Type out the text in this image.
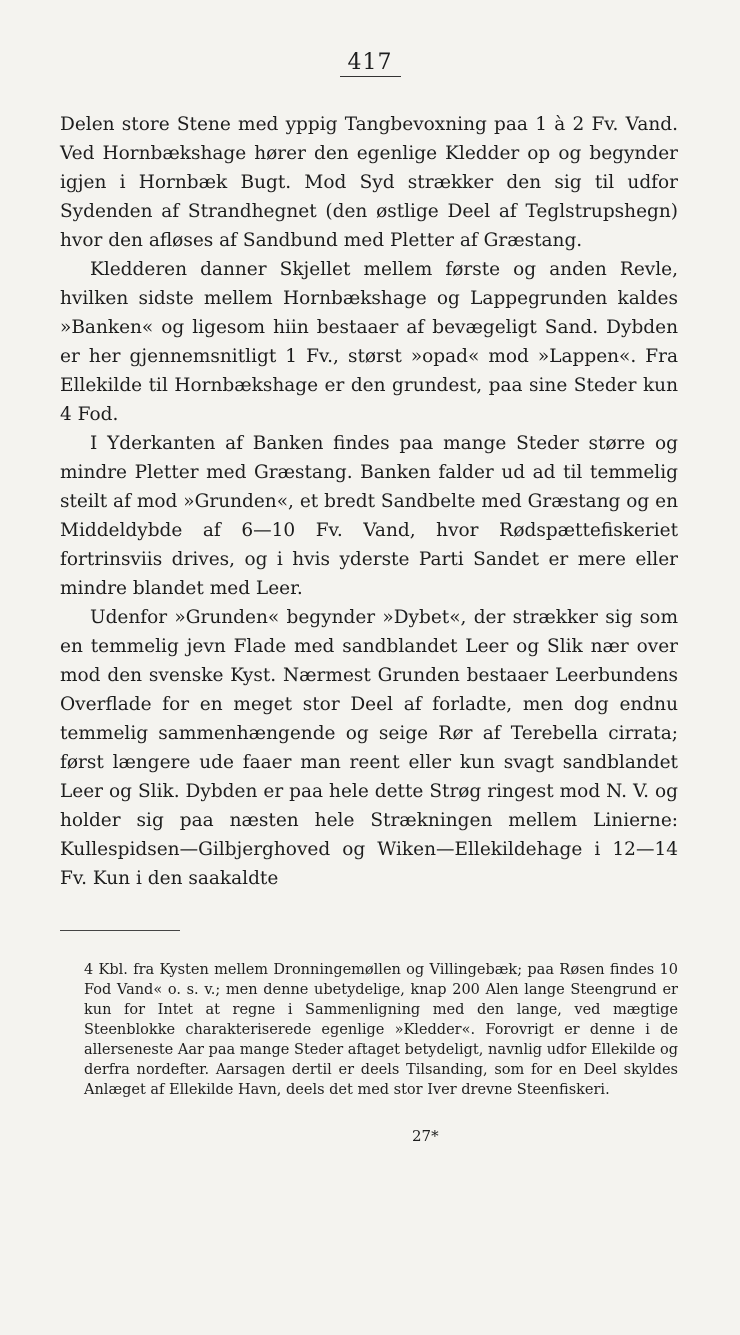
417

Delen store Stene med yppig Tangbevoxning paa 1 à 2 Fv. Vand. Ved Hornbækshage hører den egenlige Kledder op og begynder igjen i Hornbæk Bugt. Mod Syd strækker den sig til udfor Sydenden af Strandhegnet (den østlige Deel af Teglstrupshegn) hvor den afløses af Sandbund med Pletter af Græstang.

Kledderen danner Skjellet mellem første og anden Revle, hvilken sidste mellem Hornbækshage og Lappegrunden kaldes »Banken« og ligesom hiin bestaaer af bevægeligt Sand. Dybden er her gjennemsnitligt 1 Fv., størst »opad« mod »Lappen«. Fra Ellekilde til Hornbækshage er den grundest, paa sine Steder kun 4 Fod.

I Yderkanten af Banken findes paa mange Steder større og mindre Pletter med Græstang. Banken falder ud ad til temmelig steilt af mod »Grunden«, et bredt Sandbelte med Græstang og en Middeldybde af 6—10 Fv. Vand, hvor Rødspættefiskeriet fortrinsviis drives, og i hvis yderste Parti Sandet er mere eller mindre blandet med Leer.

Udenfor »Grunden« begynder »Dybet«, der strækker sig som en temmelig jevn Flade med sandblandet Leer og Slik nær over mod den svenske Kyst. Nærmest Grunden bestaaer Leerbundens Overflade for en meget stor Deel af forladte, men dog endnu temmelig sammenhængende og seige Rør af Terebella cirrata; først længere ude faaer man reent eller kun svagt sandblandet Leer og Slik. Dybden er paa hele dette Strøg ringest mod N. V. og holder sig paa næsten hele Strækningen mellem Linierne: Kullespidsen—Gilbjerghoved og Wiken—Ellekildehage i 12—14 Fv. Kun i den saakaldte

4 Kbl. fra Kysten mellem Dronningemøllen og Villingebæk; paa Røsen findes 10 Fod Vand« o. s. v.; men denne ubetydelige, knap 200 Alen lange Steengrund er kun for Intet at regne i Sammenligning med den lange, ved mægtige Steenblokke charakteriserede egenlige »Kledder«. Forovrigt er denne i de allerseneste Aar paa mange Steder aftaget betydeligt, navnlig udfor Ellekilde og derfra nordefter. Aarsagen dertil er deels Tilsanding, som for en Deel skyldes Anlæget af Ellekilde Havn, deels det med stor Iver drevne Steenfiskeri.

27*
